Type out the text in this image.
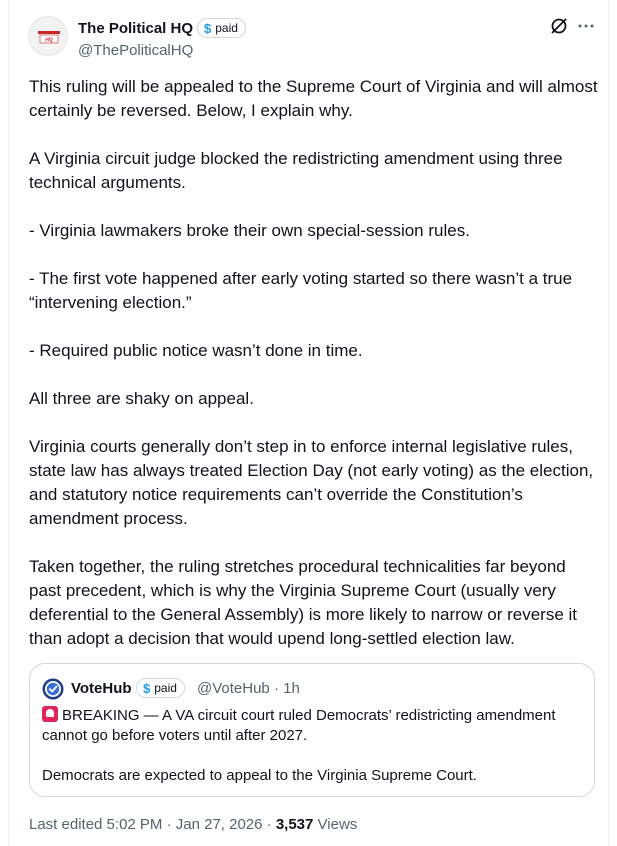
HQ
The Political HQ $ paid
@ThePoliticalHQ

This ruling will be appealed to the Supreme Court of Virginia and will almost certainly be reversed. Below, I explain why.

A Virginia circuit judge blocked the redistricting amendment using three technical arguments.

- Virginia lawmakers broke their own special-session rules.

- The first vote happened after early voting started so there wasn’t a true “intervening election.”

- Required public notice wasn’t done in time.

All three are shaky on appeal.

Virginia courts generally don’t step in to enforce internal legislative rules, state law has always treated Election Day (not early voting) as the election, and statutory notice requirements can’t override the Constitution’s amendment process.

Taken together, the ruling stretches procedural technicalities far beyond past precedent, which is why the Virginia Supreme Court (usually very deferential to the General Assembly) is more likely to narrow or reverse it than adopt a decision that would upend long-settled election law.

VoteHub $ paid @VoteHub · 1h

BREAKING — A VA circuit court ruled Democrats’ redistricting amendment cannot go before voters until after 2027.

Democrats are expected to appeal to the Virginia Supreme Court.

Last edited 5:02 PM · Jan 27, 2026 · 3,537 Views
